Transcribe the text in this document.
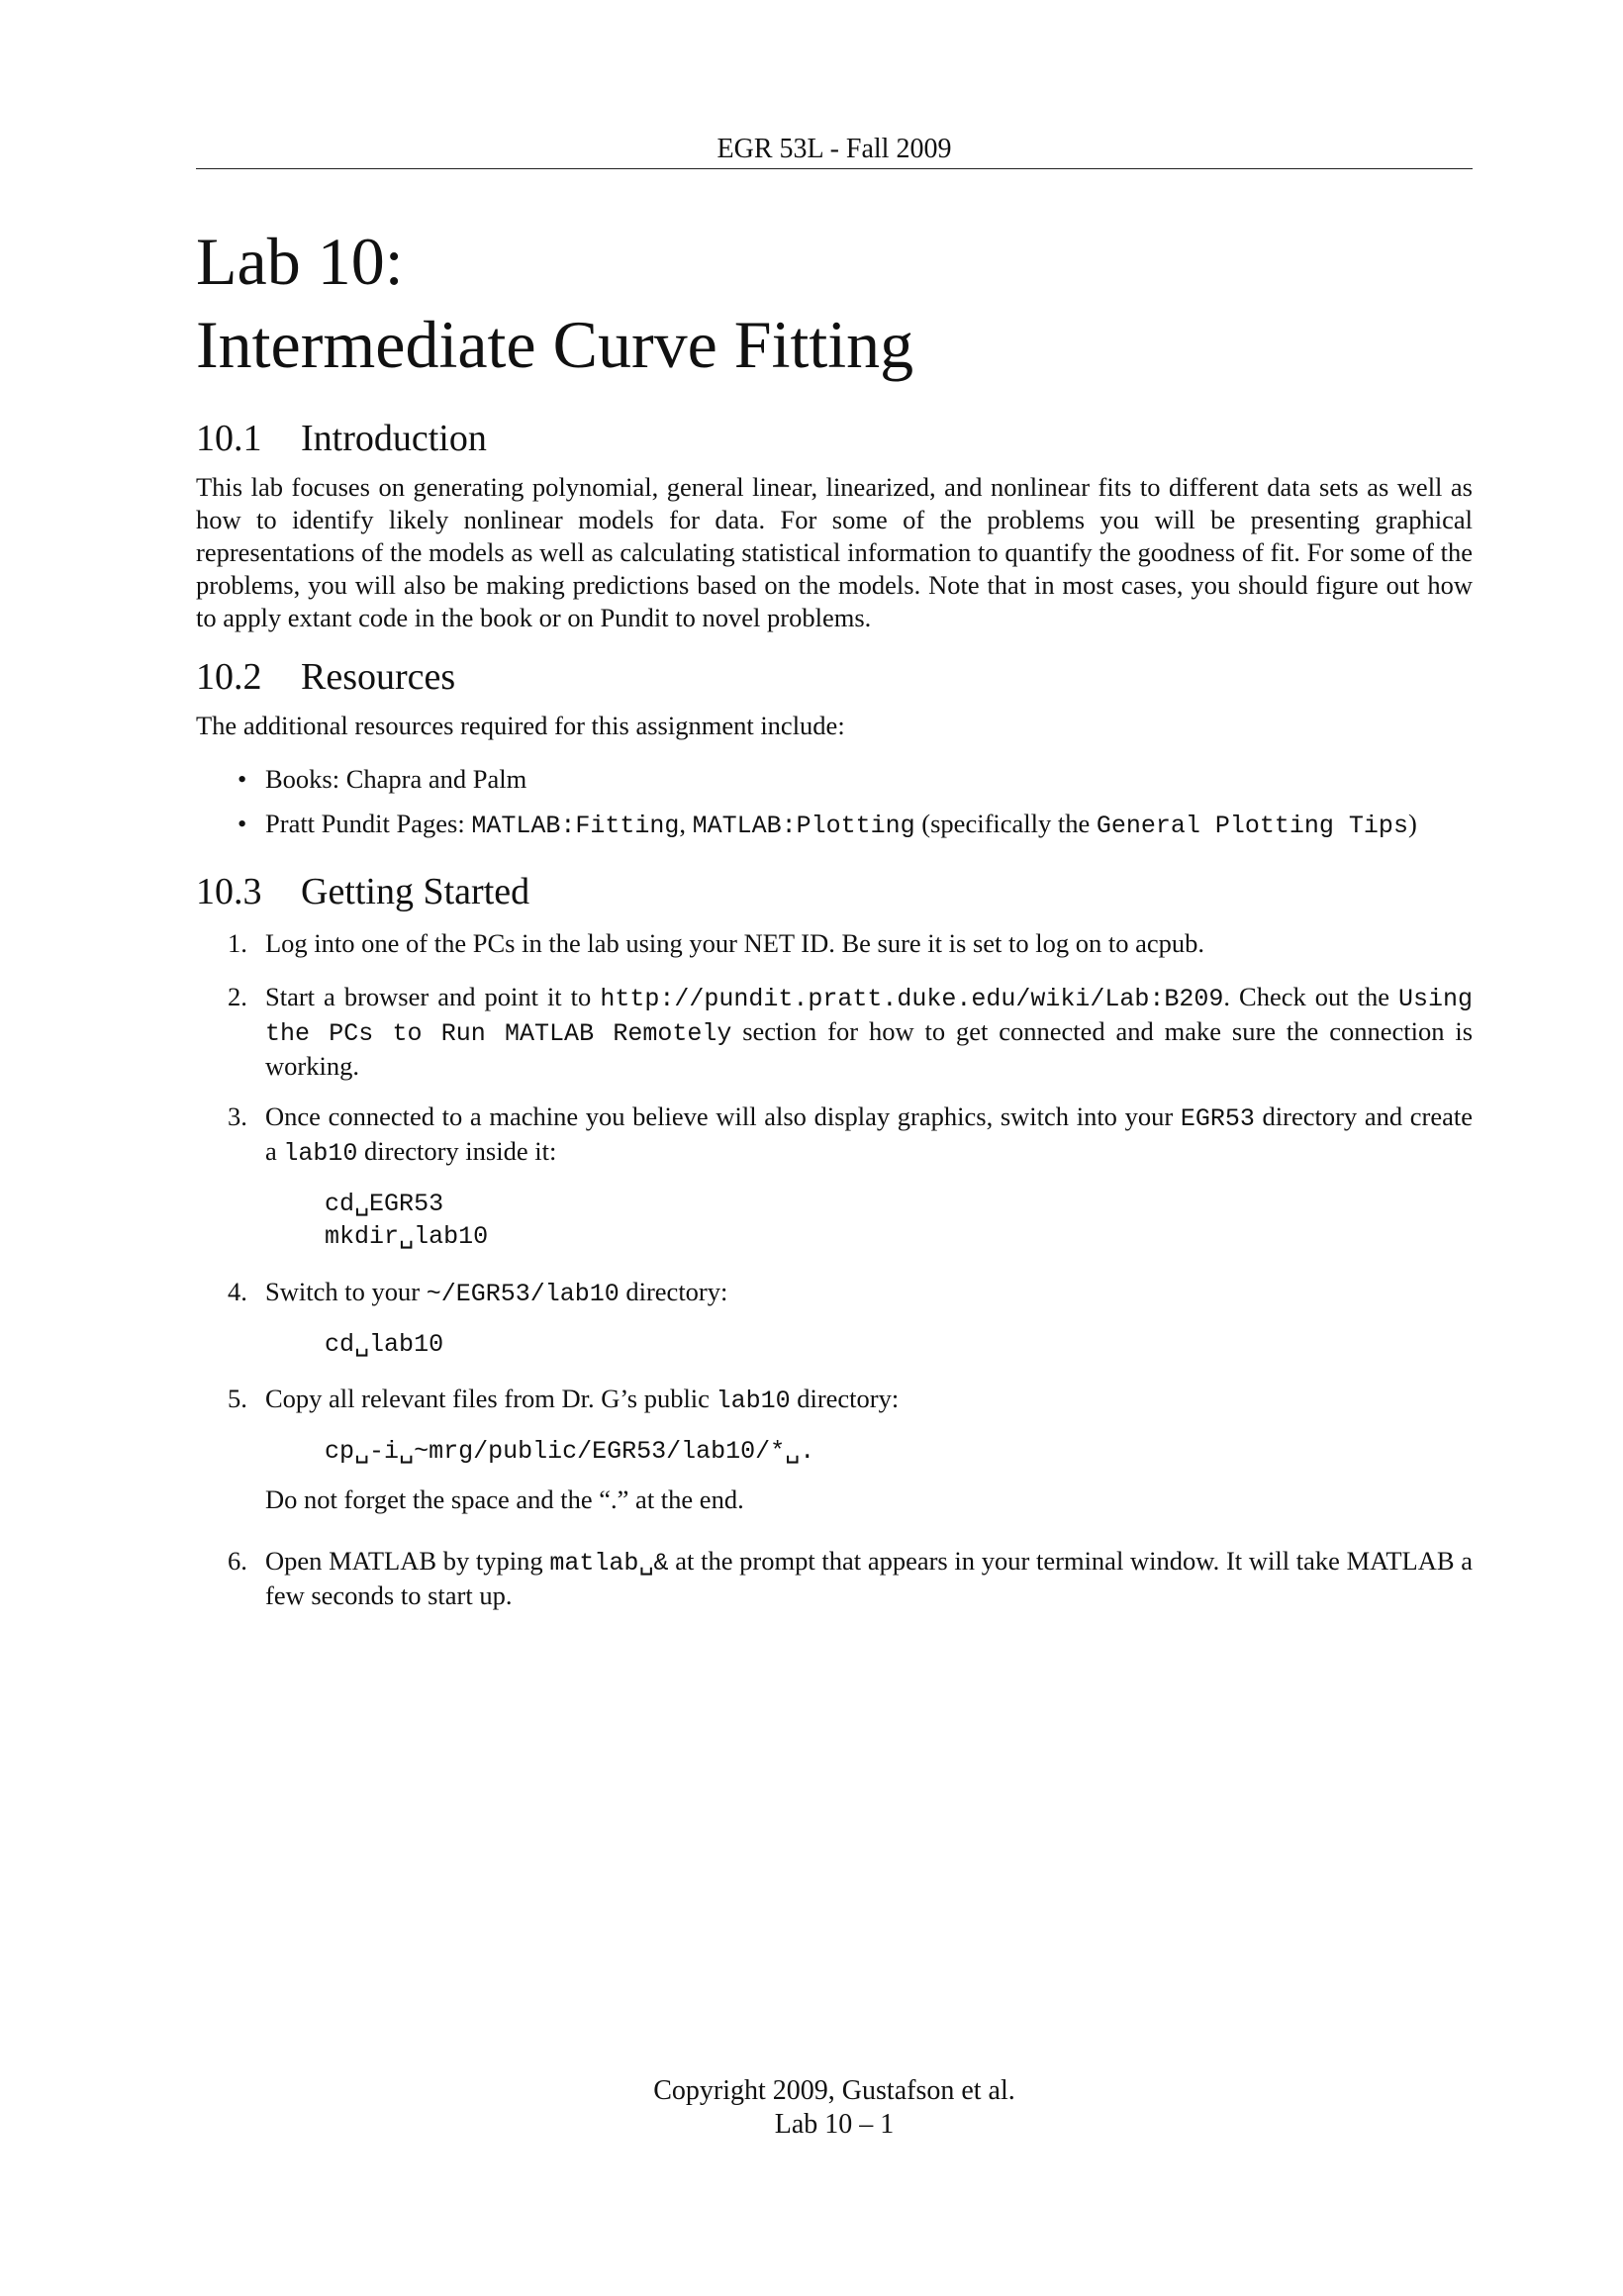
EGR 53L - Fall 2009
Lab 10:
Intermediate Curve Fitting
10.1 Introduction

This lab focuses on generating polynomial, general linear, linearized, and nonlinear fits to different data sets as well as how to identify likely nonlinear models for data. For some of the problems you will be presenting graphical representations of the models as well as calculating statistical information to quantify the goodness of fit. For some of the problems, you will also be making predictions based on the models. Note that in most cases, you should figure out how to apply extant code in the book or on Pundit to novel problems.

10.2 Resources

The additional resources required for this assignment include:

• Books: Chapra and Palm
• Pratt Pundit Pages: MATLAB:Fitting, MATLAB:Plotting (specifically the General Plotting Tips)
10.3 Getting Started
1. Log into one of the PCs in the lab using your NET ID. Be sure it is set to log on to acpub.
2. Start a browser and point it to http://pundit.pratt.duke.edu/wiki/Lab:B209. Check out the Using the PCs to Run MATLAB Remotely section for how to get connected and make sure the connection is working.
3. Once connected to a machine you believe will also display graphics, switch into your EGR53 directory and create a lab10 directory inside it:
cd␣EGR53
mkdir␣lab10
4. Switch to your ~/EGR53/lab10 directory:
cd␣lab10
5. Copy all relevant files from Dr. G’s public lab10 directory:
cp␣-i␣~mrg/public/EGR53/lab10/*␣.
Do not forget the space and the “.” at the end.
6. Open MATLAB by typing matlab␣& at the prompt that appears in your terminal window. It will take MATLAB a few seconds to start up.
Copyright 2009, Gustafson et al.
Lab 10 – 1
